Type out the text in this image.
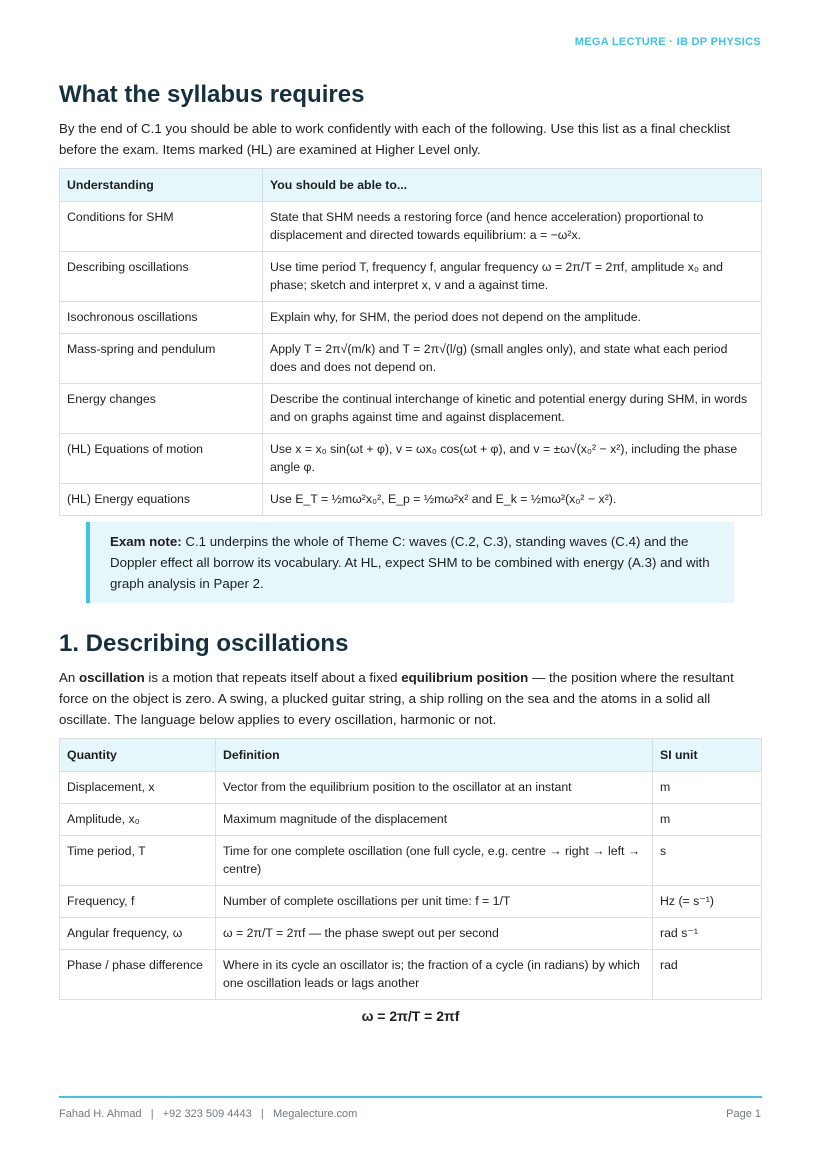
MEGA LECTURE · IB DP PHYSICS
What the syllabus requires

By the end of C.1 you should be able to work confidently with each of the following. Use this list as a final checklist before the exam. Items marked (HL) are examined at Higher Level only.

Understanding	You should be able to...
Conditions for SHM	State that SHM needs a restoring force (and hence acceleration) proportional to displacement and directed towards equilibrium: a = −ω²x.
Describing oscillations	Use time period T, frequency f, angular frequency ω = 2π/T = 2πf, amplitude x₀ and phase; sketch and interpret x, v and a against time.
Isochronous oscillations	Explain why, for SHM, the period does not depend on the amplitude.
Mass-spring and pendulum	Apply T = 2π√(m/k) and T = 2π√(l/g) (small angles only), and state what each period does and does not depend on.
Energy changes	Describe the continual interchange of kinetic and potential energy during SHM, in words and on graphs against time and against displacement.
(HL) Equations of motion	Use x = x₀ sin(ωt + φ), v = ωx₀ cos(ωt + φ), and v = ±ω√(x₀² − x²), including the phase angle φ.
(HL) Energy equations	Use E_T = ½mω²x₀², E_p = ½mω²x² and E_k = ½mω²(x₀² − x²).
Exam note: C.1 underpins the whole of Theme C: waves (C.2, C.3), standing waves (C.4) and the Doppler effect all borrow its vocabulary. At HL, expect SHM to be combined with energy (A.3) and with graph analysis in Paper 2.
1. Describing oscillations

An oscillation is a motion that repeats itself about a fixed equilibrium position — the position where the resultant force on the object is zero. A swing, a plucked guitar string, a ship rolling on the sea and the atoms in a solid all oscillate. The language below applies to every oscillation, harmonic or not.

Quantity	Definition	SI unit
Displacement, x	Vector from the equilibrium position to the oscillator at an instant	m
Amplitude, x₀	Maximum magnitude of the displacement	m
Time period, T	Time for one complete oscillation (one full cycle, e.g. centre → right → left → centre)	s
Frequency, f	Number of complete oscillations per unit time: f = 1/T	Hz (= s⁻¹)
Angular frequency, ω	ω = 2π/T = 2πf — the phase swept out per second	rad s⁻¹
Phase / phase difference	Where in its cycle an oscillator is; the fraction of a cycle (in radians) by which one oscillation leads or lags another	rad
ω = 2π/T = 2πf
Fahad H. Ahmad   |   +92 323 509 4443   |   Megalecture.com	Page 1
